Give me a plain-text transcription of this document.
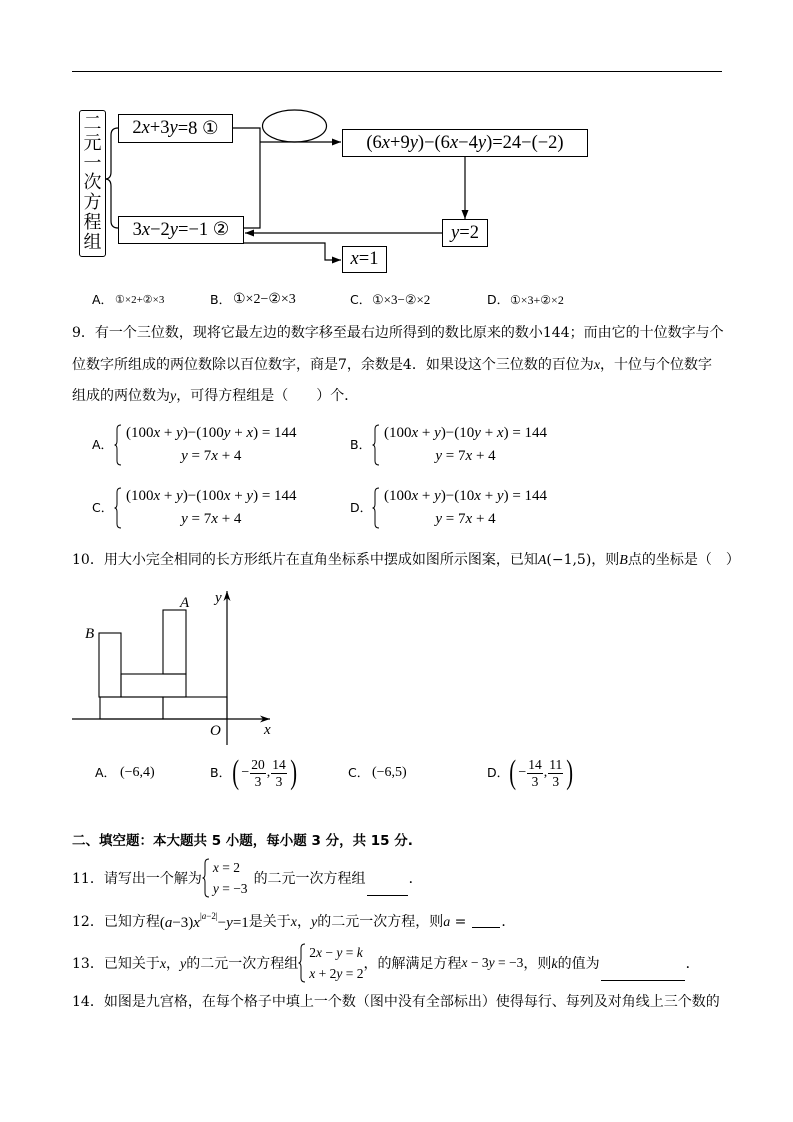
二
元
一
次
方
程
组
2 x +3 y =8 ①
3 x −2 y =−1 ②
(6 x +9 y )−(6 x −4 y )=24−(−2)
y =2
x =1
A． ①×2+②×3	B． ①×2−②×3	C． ①×3−②×2	D． ①×3+②×2
9．有一个三位数，现将它最左边的数字移至最右边所得到的数比原来的数小144；而由它的十位数字与个
位数字所组成的两位数除以百位数字，商是7，余数是4．如果设这个三位数的百位为x，十位与个位数字
组成的两位数为y，可得方程组是（　　）个．
A．
(100x + y)−(100y + x) = 144
y = 7x + 4
B．
(100x + y)−(10y + x) = 144
y = 7x + 4
C．
(100x + y)−(100x + y) = 144
y = 7x + 4
D．
(100x + y)−(10x + y) = 144
y = 7x + 4
10．用大小完全相同的长方形纸片在直角坐标系中摆成如图所示图案，已知A(−1,5)，则B点的坐标是（　）
B
A y
O	x
A． (−6,4)	B． ( − $\frac{20}{3}$ , $\frac{14}{3}$ )	C． (−6,5)	D． ( − $\frac{14}{3}$ , $\frac{11}{3}$ )
二、填空题：本大题共 5 小题，每小题 3 分，共 15 分.
11．请写出一个解为
x = 2
y = −3
的二元一次方程组	．
12．已知方程 $(a-3)x^{|a-2|}-y=1$ 是关于x，y的二元一次方程，则a =	．
13．已知关于x，y的二元一次方程组
2x − y = k
x + 2y = 2
，的解满足方程 x − 3y = −3 ，则k的值为	．
14．如图是九宫格，在每个格子中填上一个数（图中没有全部标出）使得每行、每列及对角线上三个数的
